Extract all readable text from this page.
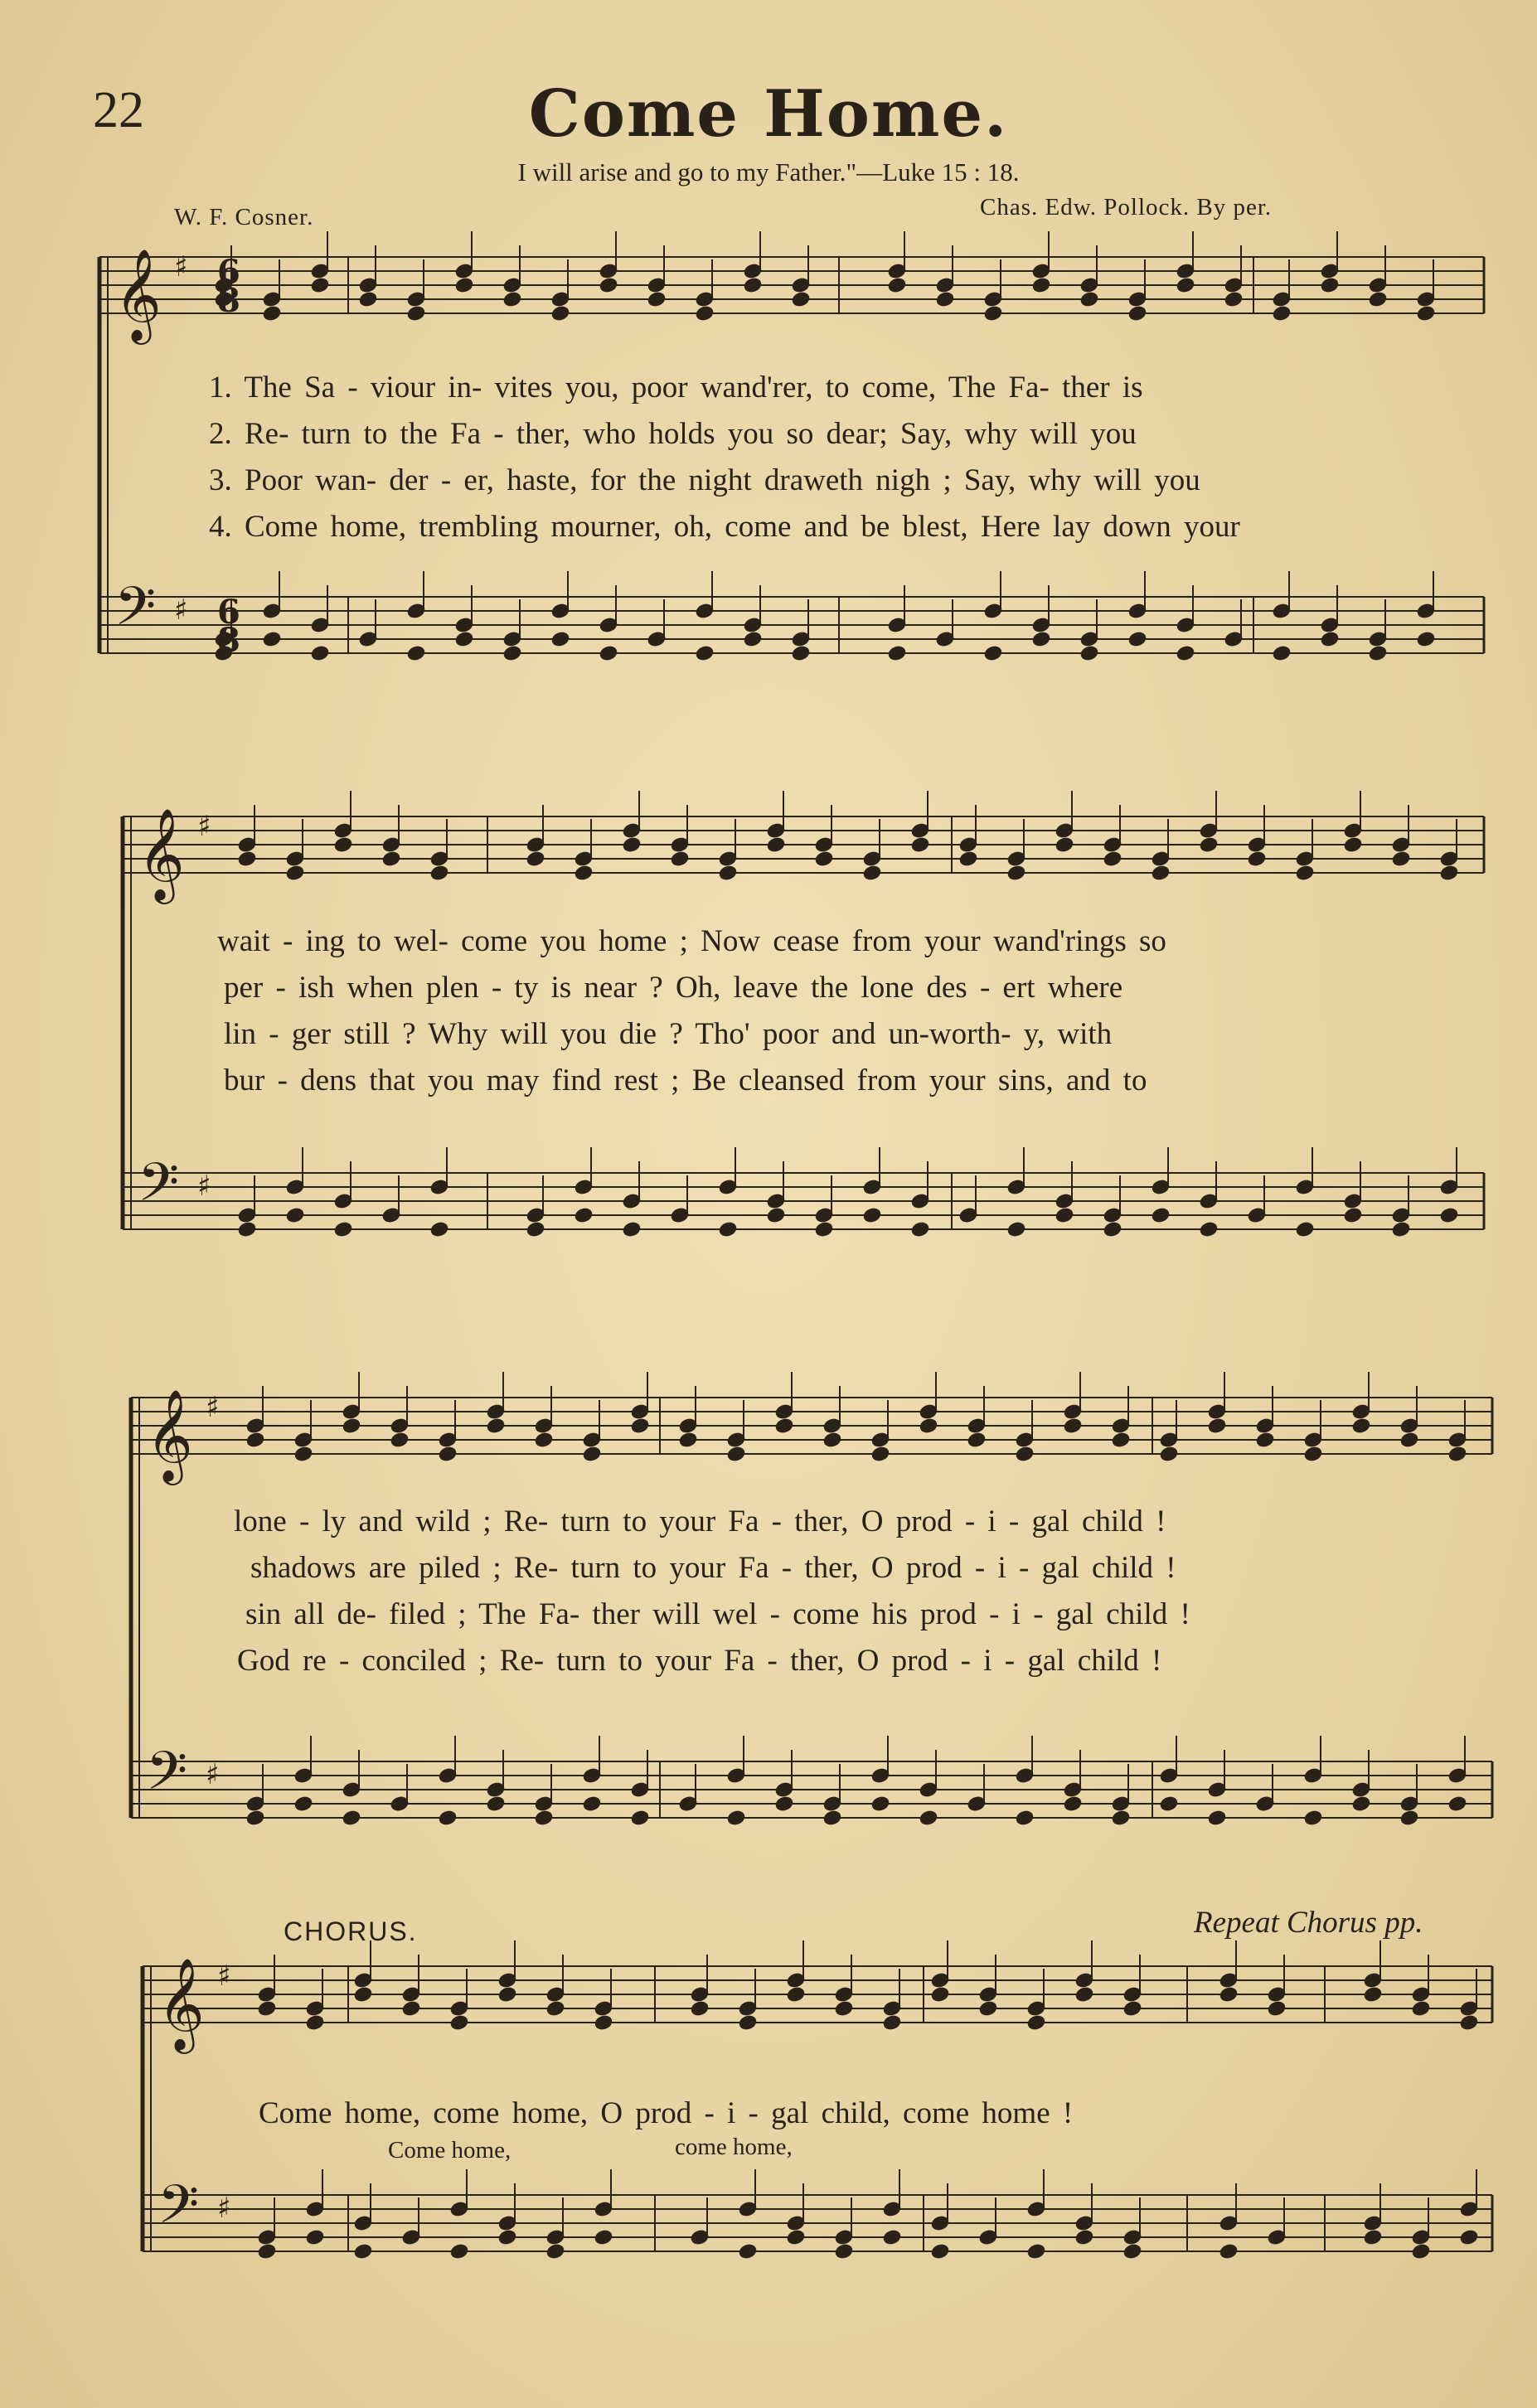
22	Come Home.
I will arise and go to my Father."—Luke 15 : 18.
W. F. Cosner.	Chas. Edw. Pollock. By per.
𝄞
𝄢
♯
♯
𝄞
𝄢
♯
♯
𝄞
𝄢
♯
♯
𝄞
𝄢
♯
♯
6
8
6
8
1. The Sa - viour in- vites you, poor wand'rer, to come, The Fa- ther is
2. Re- turn to the Fa - ther, who holds you so dear; Say, why will you
3. Poor wan- der - er, haste, for the night draweth nigh ; Say, why will you
4. Come home, trembling mourner, oh, come and be blest, Here lay down your
wait - ing to wel- come you home ; Now cease from your wand'rings so
per - ish when plen - ty is near ? Oh, leave the lone des - ert where
lin - ger still ? Why will you die ? Tho' poor and un-worth- y, with
bur - dens that you may find rest ; Be cleansed from your sins, and to
lone - ly and wild ; Re- turn to your Fa - ther, O prod - i - gal child !
shadows are piled ; Re- turn to your Fa - ther, O prod - i - gal child !
sin all de- filed ; The Fa- ther will wel - come his prod - i - gal child !
God re - conciled ; Re- turn to your Fa - ther, O prod - i - gal child !
CHORUS.	Repeat Chorus pp.
Come home, come home, O prod - i - gal child, come home !
Come home,	come home,
